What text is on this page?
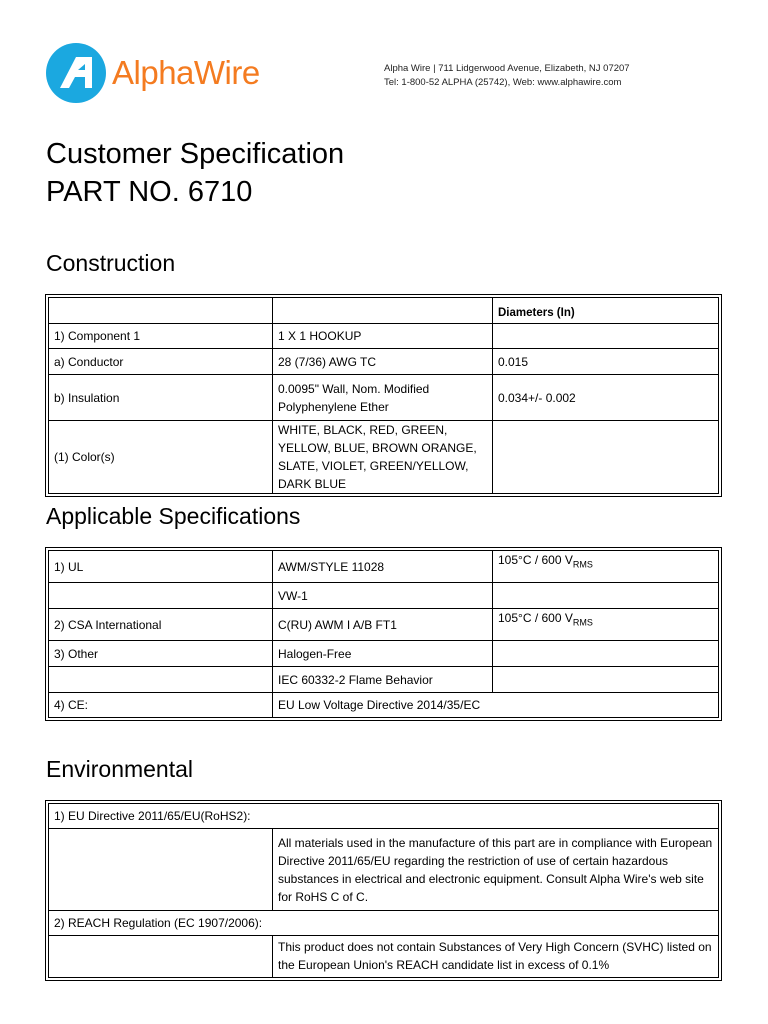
AlphaWire	Alpha Wire | 711 Lidgerwood Avenue, Elizabeth, NJ 07207
Tel: 1-800-52 ALPHA (25742), Web: www.alphawire.com
Customer Specification
PART NO. 6710
Construction
		Diameters (In)
1) Component 1	1 X 1 HOOKUP	
a) Conductor	28 (7/36) AWG TC	0.015
b) Insulation	0.0095" Wall, Nom. Modified Polyphenylene Ether	0.034+/- 0.002
(1) Color(s)	WHITE, BLACK, RED, GREEN, YELLOW, BLUE, BROWN ORANGE, SLATE, VIOLET, GREEN/YELLOW, DARK BLUE	
Applicable Specifications
1) UL	AWM/STYLE 11028	105°C / 600 $V_{RMS}$
	VW-1	
2) CSA International	C(RU) AWM I A/B FT1	105°C / 600 $V_{RMS}$
3) Other	Halogen-Free	
	IEC 60332-2 Flame Behavior	
4) CE:	EU Low Voltage Directive 2014/35/EC	
Environmental
1) EU Directive 2011/65/EU(RoHS2):	
	All materials used in the manufacture of this part are in compliance with European Directive 2011/65/EU regarding the restriction of use of certain hazardous substances in electrical and electronic equipment. Consult Alpha Wire's web site for RoHS C of C.
2) REACH Regulation (EC 1907/2006):	
	This product does not contain Substances of Very High Concern (SVHC) listed on the European Union's REACH candidate list in excess of 0.1%
